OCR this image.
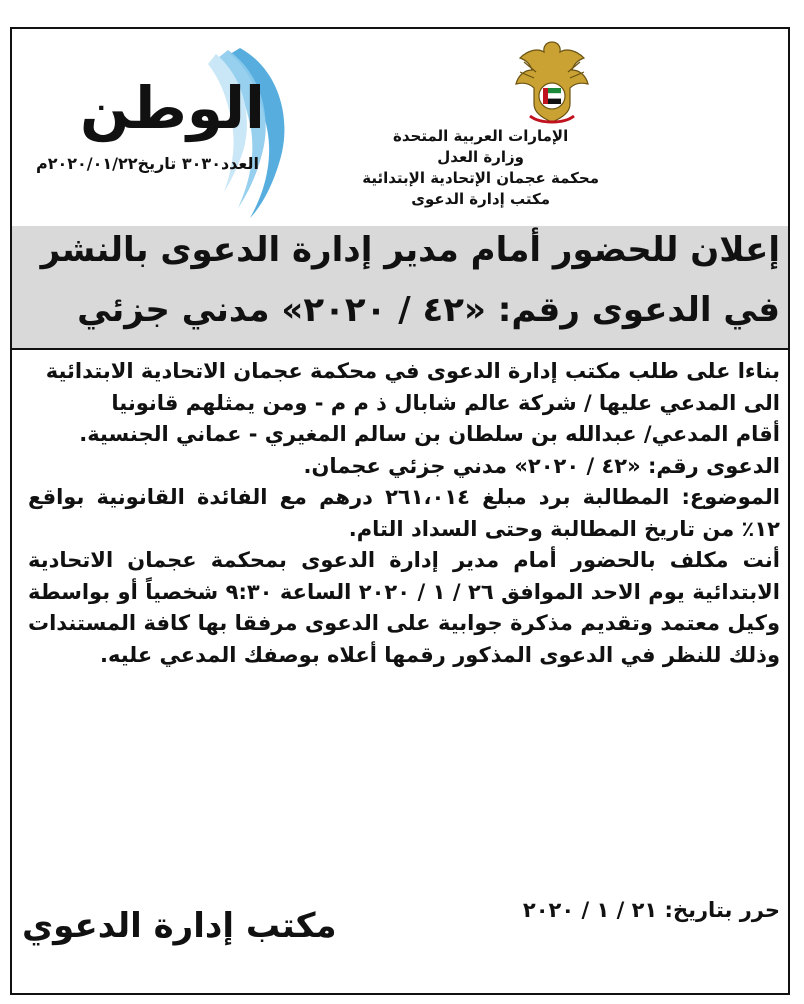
الإمارات العربية المتحدة
وزارة العدل
محكمة عجمان الإتحادية الإبتدائية
مكتب إدارة الدعوى
الوطن
العدد٣٠٣٠ تاريخ٢٠٢٠/٠١/٢٢م
إعلان للحضور أمام مدير إدارة الدعوى بالنشر
في الدعوى رقم: «٤٢ / ٢٠٢٠» مدني جزئي

بناءا على طلب مكتب إدارة الدعوى في محكمة عجمان الاتحادية الابتدائية

الى المدعي عليها / شركة عالم شابال ذ م م - ومن يمثلهم قانونيا

أقام المدعي/ عبدالله بن سلطان بن سالم المغيري - عماني الجنسية.

الدعوى رقم: «٤٢ / ٢٠٢٠» مدني جزئي عجمان.

الموضوع: المطالبة برد مبلغ ٢٦١،٠١٤ درهم مع الفائدة القانونية بواقع ١٢٪ من تاريخ المطالبة وحتى السداد التام.

أنت مكلف بالحضور أمام مدير إدارة الدعوى بمحكمة عجمان الاتحادية الابتدائية يوم الاحد الموافق ٢٦ / ١ / ٢٠٢٠ الساعة ٩:٣٠ شخصياً أو بواسطة وكيل معتمد وتقديم مذكرة جوابية على الدعوى مرفقا بها كافة المستندات وذلك للنظر في الدعوى المذكور رقمها أعلاه بوصفك المدعي عليه.

حرر بتاريخ: ٢١ / ١ / ٢٠٢٠
مكتب إدارة الدعوي
